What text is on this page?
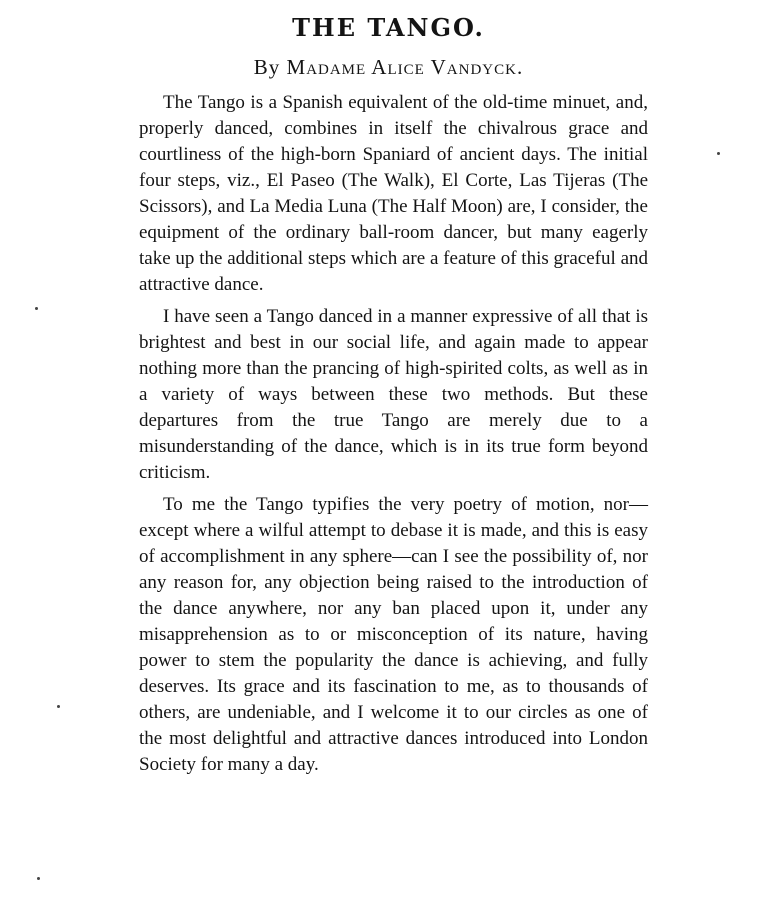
THE TANGO.
By Madame Alice Vandyck.

The Tango is a Spanish equivalent of the old-time minuet, and, properly danced, combines in itself the chivalrous grace and courtliness of the high-born Spaniard of ancient days. The initial four steps, viz., El Paseo (The Walk), El Corte, Las Tijeras (The Scissors), and La Media Luna (The Half Moon) are, I consider, the equipment of the ordinary ball-room dancer, but many eagerly take up the additional steps which are a feature of this graceful and attractive dance.

I have seen a Tango danced in a manner expressive of all that is brightest and best in our social life, and again made to appear nothing more than the prancing of high-spirited colts, as well as in a variety of ways between these two methods. But these departures from the true Tango are merely due to a misunderstanding of the dance, which is in its true form beyond criticism.

To me the Tango typifies the very poetry of motion, nor—except where a wilful attempt to debase it is made, and this is easy of accomplishment in any sphere—can I see the possibility of, nor any reason for, any objection being raised to the introduction of the dance anywhere, nor any ban placed upon it, under any misapprehension as to or misconception of its nature, having power to stem the popularity the dance is achieving, and fully deserves. Its grace and its fascination to me, as to thousands of others, are undeniable, and I welcome it to our circles as one of the most delightful and attractive dances introduced into London Society for many a day.
